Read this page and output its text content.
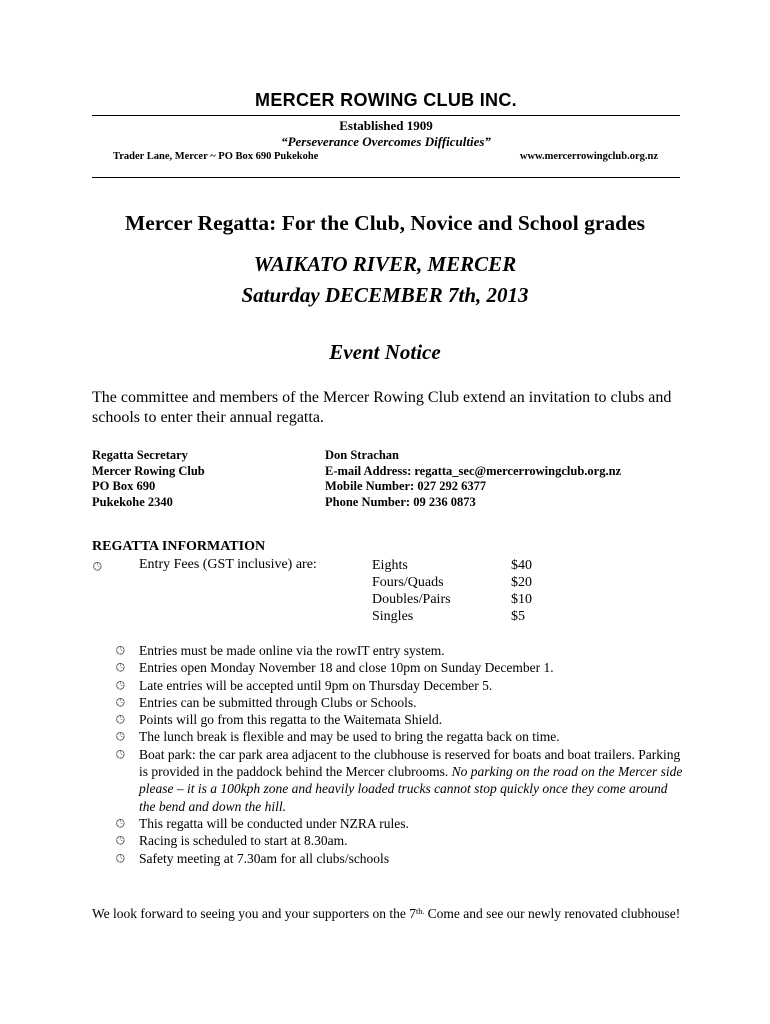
MERCER ROWING CLUB INC.
Established 1909
“Perseverance Overcomes Difficulties”
Trader Lane, Mercer ~ PO Box 690 Pukekohe	www.mercerrowingclub.org.nz
Mercer Regatta: For the Club, Novice and School grades
WAIKATO RIVER, MERCER
Saturday DECEMBER 7th, 2013
Event Notice
The committee and members of the Mercer Rowing Club extend an invitation to clubs and schools to enter their annual regatta.
Regatta Secretary
Mercer Rowing Club
PO Box 690
Pukekohe 2340
Don Strachan
E-mail Address: regatta_sec@mercerrowingclub.org.nz
Mobile Number: 027 292 6377
Phone Number: 09 236 0873
REGATTA INFORMATION
🕒︎	Entry Fees (GST inclusive) are:	Eights	$40
Fours/Quads	$20
Doubles/Pairs	$10
Singles	$5
🕒︎	Entries must be made online via the rowIT entry system.
🕒︎	Entries open Monday November 18 and close 10pm on Sunday December 1.
🕒︎	Late entries will be accepted until 9pm on Thursday December 5.
🕒︎	Entries can be submitted through Clubs or Schools.
🕒︎	Points will go from this regatta to the Waitemata Shield.
🕒︎	The lunch break is flexible and may be used to bring the regatta back on time.
🕒︎	Boat park: the car park area adjacent to the clubhouse is reserved for boats and boat trailers. Parking is provided in the paddock behind the Mercer clubrooms. No parking on the road on the Mercer side please – it is a 100kph zone and heavily loaded trucks cannot stop quickly once they come around the bend and down the hill.
🕒︎	This regatta will be conducted under NZRA rules.
🕒︎	Racing is scheduled to start at 8.30am.
🕒︎	Safety meeting at 7.30am for all clubs/schools
We look forward to seeing you and your supporters on the $7^{th.}$ Come and see our newly renovated clubhouse!
